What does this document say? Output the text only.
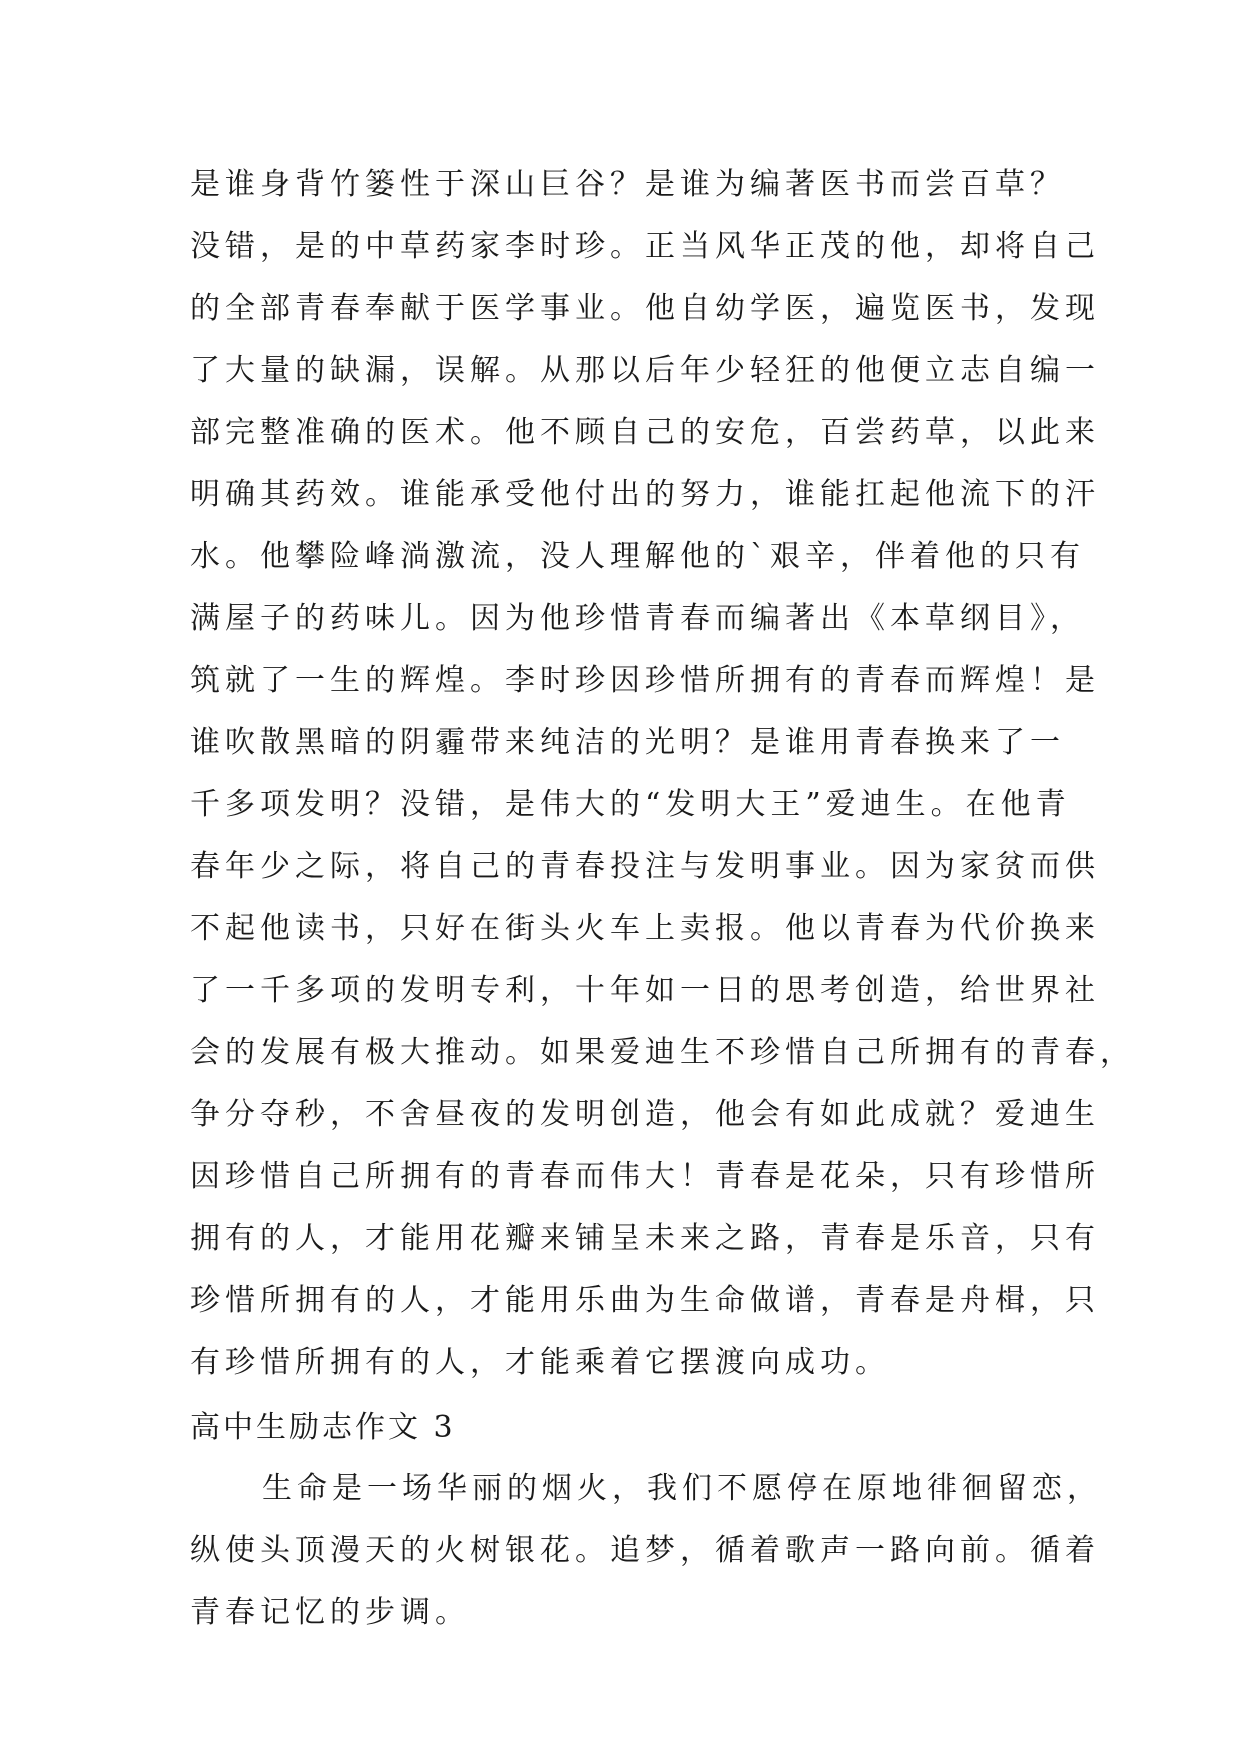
是谁身背竹篓性于深山巨谷？是谁为编著医书而尝百草？
没错，是的中草药家李时珍。正当风华正茂的他，却将自己
的全部青春奉献于医学事业。他自幼学医，遍览医书，发现
了大量的缺漏，误解。从那以后年少轻狂的他便立志自编一
部完整准确的医术。他不顾自己的安危，百尝药草，以此来
明确其药效。谁能承受他付出的努力，谁能扛起他流下的汗
水。他攀险峰淌激流，没人理解他的`艰辛，伴着他的只有
满屋子的药味儿。因为他珍惜青春而编著出《本草纲目》，
筑就了一生的辉煌。李时珍因珍惜所拥有的青春而辉煌！是
谁吹散黑暗的阴霾带来纯洁的光明？是谁用青春换来了一
千多项发明？没错，是伟大的“发明大王”爱迪生。在他青
春年少之际，将自己的青春投注与发明事业。因为家贫而供
不起他读书，只好在街头火车上卖报。他以青春为代价换来
了一千多项的发明专利，十年如一日的思考创造，给世界社
会的发展有极大推动。如果爱迪生不珍惜自己所拥有的青春，
争分夺秒，不舍昼夜的发明创造，他会有如此成就？爱迪生
因珍惜自己所拥有的青春而伟大！青春是花朵，只有珍惜所
拥有的人，才能用花瓣来铺呈未来之路，青春是乐音，只有
珍惜所拥有的人，才能用乐曲为生命做谱，青春是舟楫，只
有珍惜所拥有的人，才能乘着它摆渡向成功。
高中生励志作文 3
生命是一场华丽的烟火，我们不愿停在原地徘徊留恋，
纵使头顶漫天的火树银花。追梦，循着歌声一路向前。循着
青春记忆的步调。
